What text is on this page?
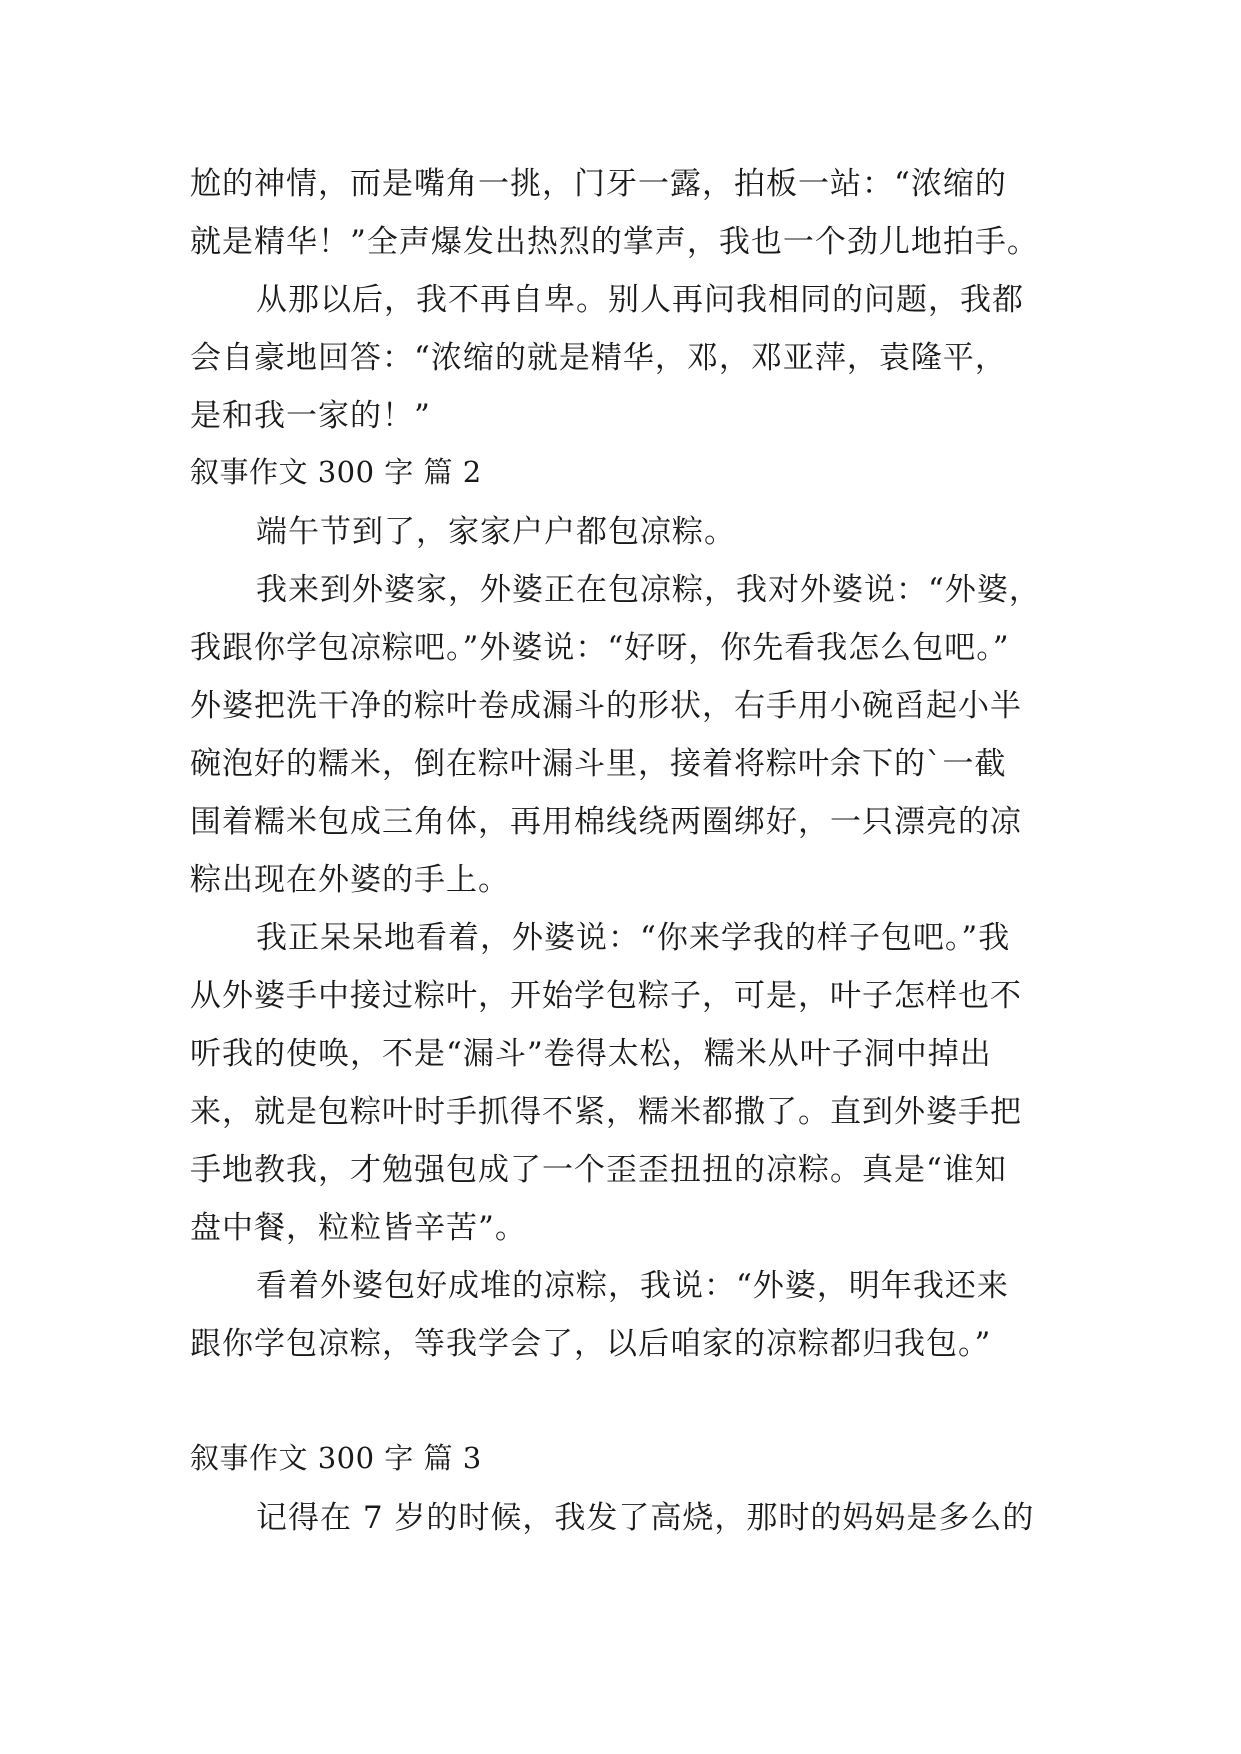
尬的神情，而是嘴角一挑，门牙一露，拍板一站：“浓缩的
就是精华！”全声爆发出热烈的掌声，我也一个劲儿地拍手。
从那以后，我不再自卑。别人再问我相同的问题，我都
会自豪地回答：“浓缩的就是精华，邓，邓亚萍，袁隆平，
是和我一家的！”
叙事作文 300 字 篇 2
端午节到了，家家户户都包凉粽。
我来到外婆家，外婆正在包凉粽，我对外婆说：“外婆，
我跟你学包凉粽吧。”外婆说：“好呀，你先看我怎么包吧。”
外婆把洗干净的粽叶卷成漏斗的形状，右手用小碗舀起小半
碗泡好的糯米，倒在粽叶漏斗里，接着将粽叶余下的`一截
围着糯米包成三角体，再用棉线绕两圈绑好，一只漂亮的凉
粽出现在外婆的手上。
我正呆呆地看着，外婆说：“你来学我的样子包吧。”我
从外婆手中接过粽叶，开始学包粽子，可是，叶子怎样也不
听我的使唤，不是“漏斗”卷得太松，糯米从叶子洞中掉出
来，就是包粽叶时手抓得不紧，糯米都撒了。直到外婆手把
手地教我，才勉强包成了一个歪歪扭扭的凉粽。真是“谁知
盘中餐，粒粒皆辛苦”。
看着外婆包好成堆的凉粽，我说：“外婆，明年我还来
跟你学包凉粽，等我学会了，以后咱家的凉粽都归我包。”
叙事作文 300 字 篇 3
记得在 7 岁的时候，我发了高烧，那时的妈妈是多么的
